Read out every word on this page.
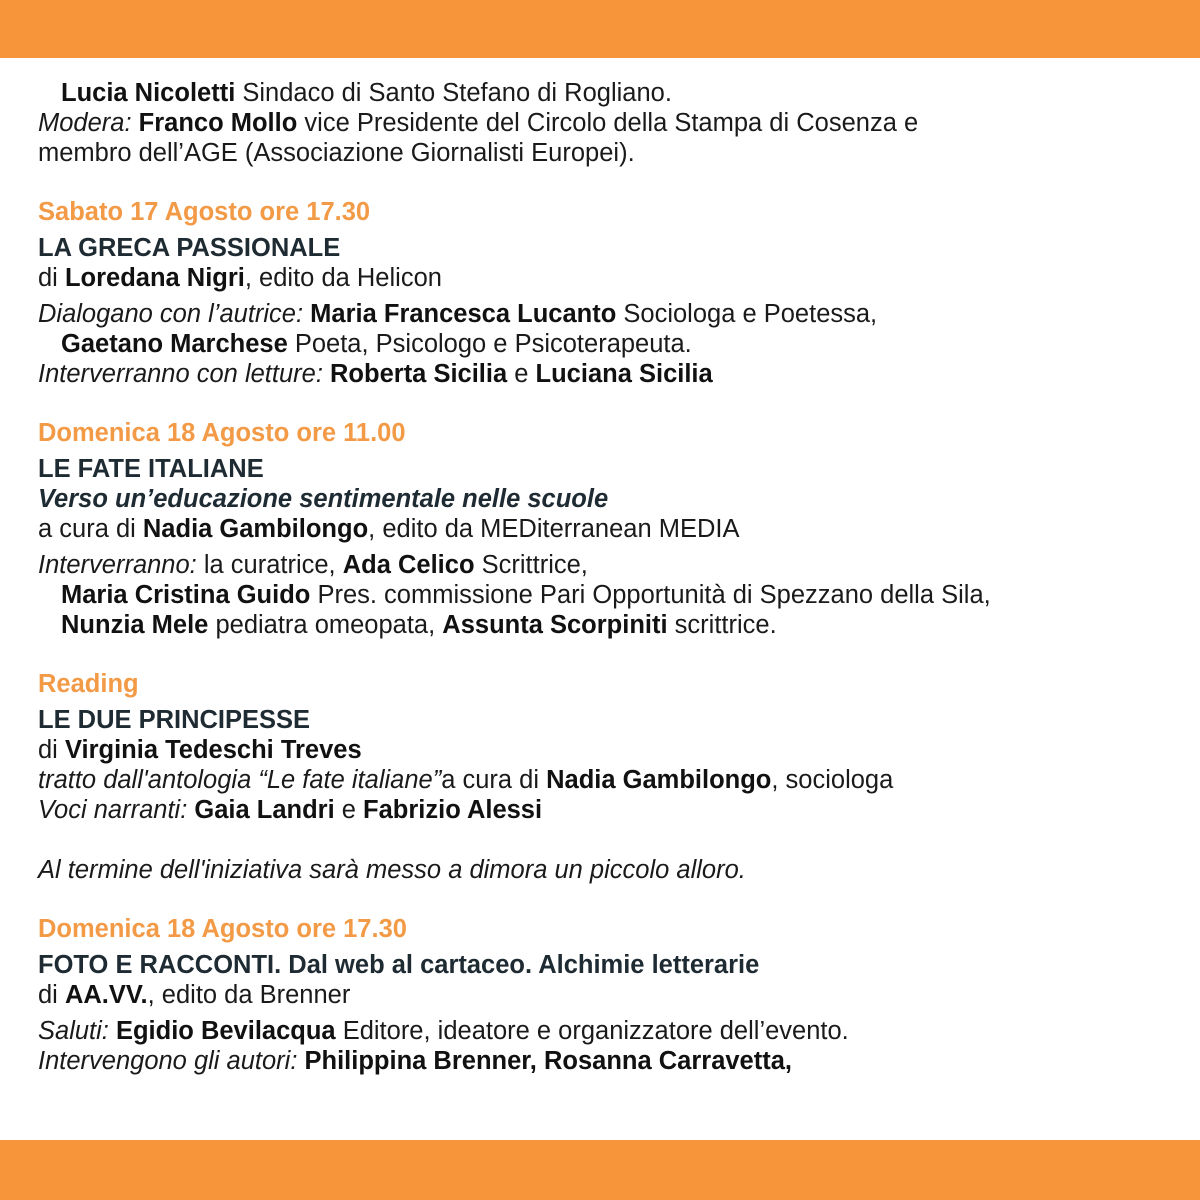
Lucia Nicoletti Sindaco di Santo Stefano di Rogliano.
Modera: Franco Mollo vice Presidente del Circolo della Stampa di Cosenza e
membro dell’AGE (Associazione Giornalisti Europei).
Sabato 17 Agosto ore 17.30
LA GRECA PASSIONALE
di Loredana Nigri, edito da Helicon
Dialogano con l’autrice: Maria Francesca Lucanto Sociologa e Poetessa,
Gaetano Marchese Poeta, Psicologo e Psicoterapeuta.
Interverranno con letture: Roberta Sicilia e Luciana Sicilia
Domenica 18 Agosto ore 11.00
LE FATE ITALIANE
Verso un’educazione sentimentale nelle scuole
a cura di Nadia Gambilongo, edito da MEDiterranean MEDIA
Interverranno: la curatrice, Ada Celico Scrittrice,
Maria Cristina Guido Pres. commissione Pari Opportunità di Spezzano della Sila,
Nunzia Mele pediatra omeopata, Assunta Scorpiniti scrittrice.
Reading
LE DUE PRINCIPESSE
di Virginia Tedeschi Treves
tratto dall'antologia “Le fate italiane”a cura di Nadia Gambilongo, sociologa
Voci narranti: Gaia Landri e Fabrizio Alessi
Al termine dell'iniziativa sarà messo a dimora un piccolo alloro.
Domenica 18 Agosto ore 17.30
FOTO E RACCONTI. Dal web al cartaceo. Alchimie letterarie
di AA.VV., edito da Brenner
Saluti: Egidio Bevilacqua Editore, ideatore e organizzatore dell’evento.
Intervengono gli autori: Philippina Brenner, Rosanna Carravetta,
